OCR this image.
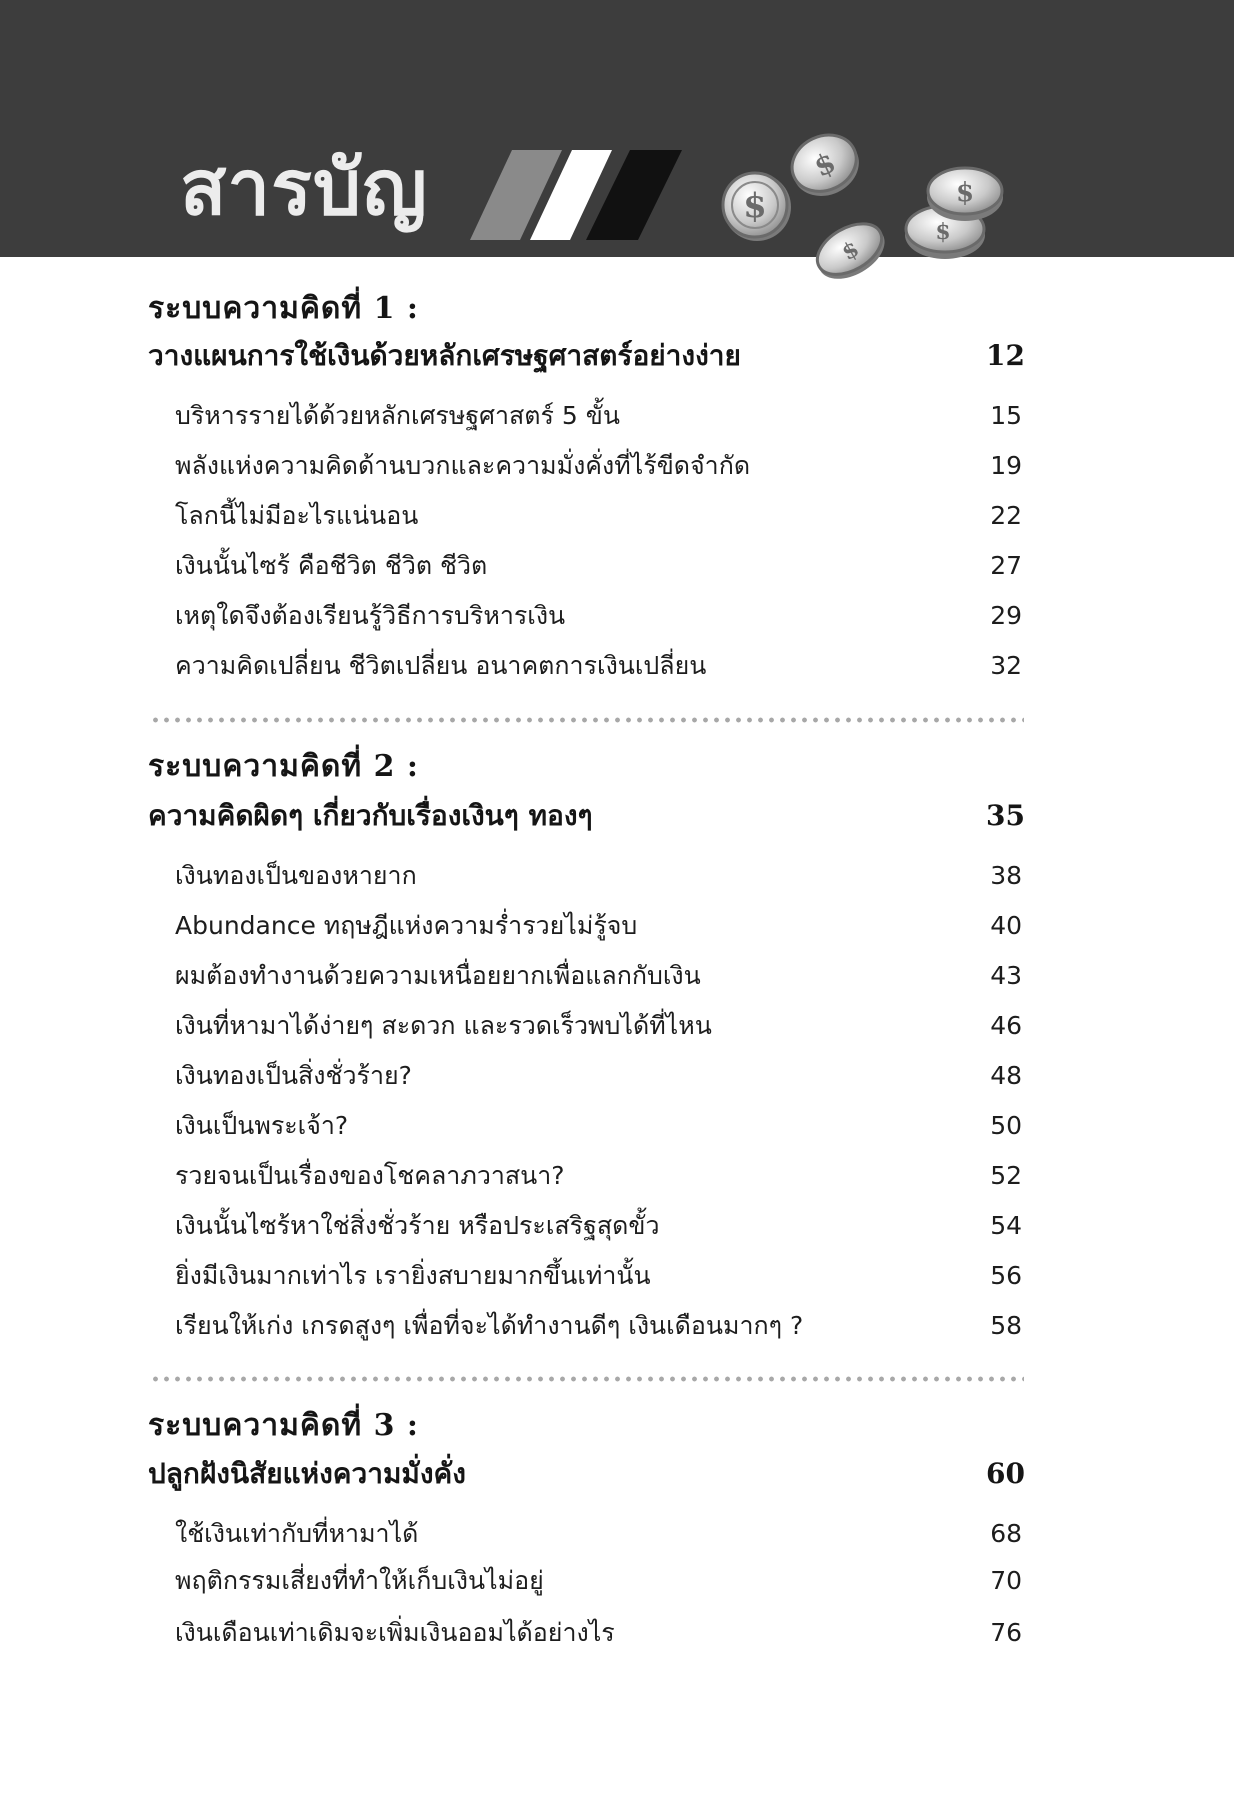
สารบัญ	$
$
$
$
$
ระบบความคิดที่ 1 :
วางแผนการใช้เงินด้วยหลักเศรษฐศาสตร์อย่างง่าย	12
บริหารรายได้ด้วยหลักเศรษฐศาสตร์ 5 ขั้น	15
พลังแห่งความคิดด้านบวกและความมั่งคั่งที่ไร้ขีดจำกัด	19
โลกนี้ไม่มีอะไรแน่นอน	22
เงินนั้นไซร้ คือชีวิต ชีวิต ชีวิต	27
เหตุใดจึงต้องเรียนรู้วิธีการบริหารเงิน	29
ความคิดเปลี่ยน ชีวิตเปลี่ยน อนาคตการเงินเปลี่ยน	32
ระบบความคิดที่ 2 :
ความคิดผิดๆ เกี่ยวกับเรื่องเงินๆ ทองๆ	35
เงินทองเป็นของหายาก	38
Abundance ทฤษฎีแห่งความร่ำรวยไม่รู้จบ	40
ผมต้องทำงานด้วยความเหนื่อยยากเพื่อแลกกับเงิน	43
เงินที่หามาได้ง่ายๆ สะดวก และรวดเร็วพบได้ที่ไหน	46
เงินทองเป็นสิ่งชั่วร้าย?	48
เงินเป็นพระเจ้า?	50
รวยจนเป็นเรื่องของโชคลาภวาสนา?	52
เงินนั้นไซร้หาใช่สิ่งชั่วร้าย หรือประเสริฐสุดขั้ว	54
ยิ่งมีเงินมากเท่าไร เรายิ่งสบายมากขึ้นเท่านั้น	56
เรียนให้เก่ง เกรดสูงๆ เพื่อที่จะได้ทำงานดีๆ เงินเดือนมากๆ ?	58
ระบบความคิดที่ 3 :
ปลูกฝังนิสัยแห่งความมั่งคั่ง	60
ใช้เงินเท่ากับที่หามาได้	68
พฤติกรรมเสี่ยงที่ทำให้เก็บเงินไม่อยู่	70
เงินเดือนเท่าเดิมจะเพิ่มเงินออมได้อย่างไร	76
